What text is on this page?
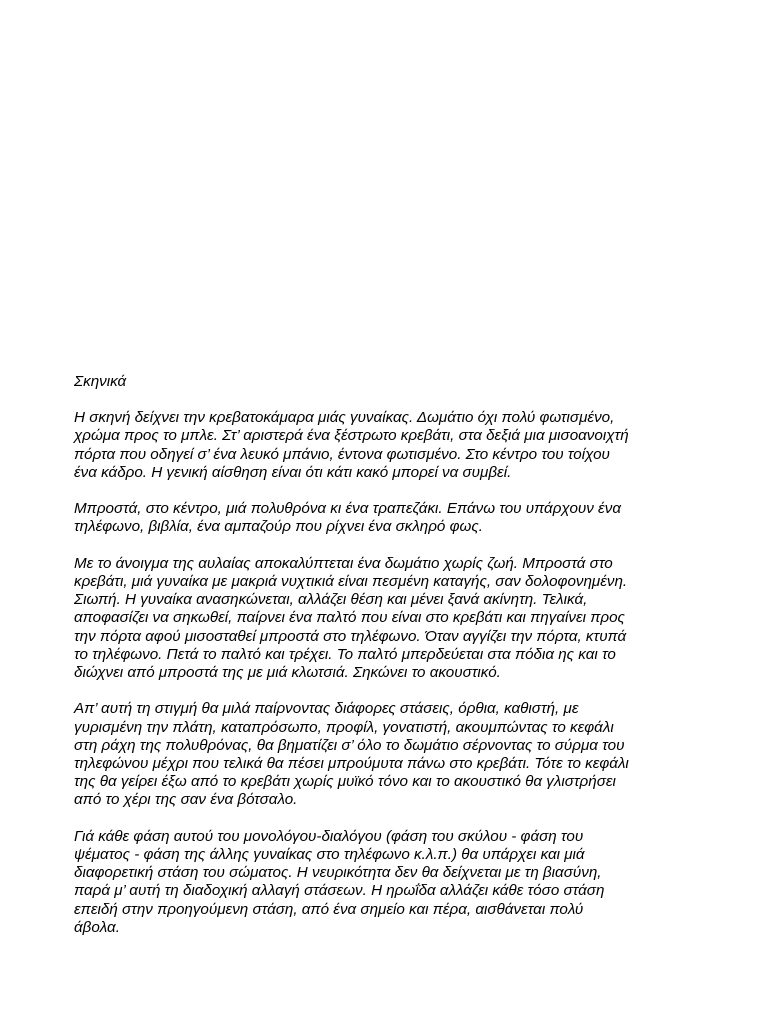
Σκηνικά
Η σκηνή δείχνει την κρεβατοκάμαρα μιάς γυναίκας. Δωμάτιο όχι πολύ φωτισμένο,
χρώμα προς το μπλε. Στ’ αριστερά ένα ξέστρωτο κρεβάτι, στα δεξιά μια μισοανοιχτή
πόρτα που οδηγεί σ’ ένα λευκό μπάνιο, έντονα φωτισμένο. Στο κέντρο του τοίχου
ένα κάδρο. Η γενική αίσθηση είναι ότι κάτι κακό μπορεί να συμβεί.
Μπροστά, στο κέντρο, μιά πολυθρόνα κι ένα τραπεζάκι. Επάνω του υπάρχουν ένα
τηλέφωνο, βιβλία, ένα αμπαζούρ που ρίχνει ένα σκληρό φως.
Με το άνοιγμα της αυλαίας αποκαλύπτεται ένα δωμάτιο χωρίς ζωή. Μπροστά στο
κρεβάτι, μιά γυναίκα με μακριά νυχτικιά είναι πεσμένη καταγής, σαν δολοφονημένη.
Σιωπή. Η γυναίκα ανασηκώνεται, αλλάζει θέση και μένει ξανά ακίνητη. Τελικά,
αποφασίζει να σηκωθεί, παίρνει ένα παλτό που είναι στο κρεβάτι και πηγαίνει προς
την πόρτα αφού μισοσταθεί μπροστά στο τηλέφωνο. Όταν αγγίζει την πόρτα, κτυπά
το τηλέφωνο. Πετά το παλτό και τρέχει. Το παλτό μπερδεύεται στα πόδια ης και το
διώχνει από μπροστά της με μιά κλωτσιά. Σηκώνει το ακουστικό.
Απ’ αυτή τη στιγμή θα μιλά παίρνοντας διάφορες στάσεις, όρθια, καθιστή, με
γυρισμένη την πλάτη, καταπρόσωπο, προφίλ, γονατιστή, ακουμπώντας το κεφάλι
στη ράχη της πολυθρόνας, θα βηματίζει σ’ όλο το δωμάτιο σέρνοντας το σύρμα του
τηλεφώνου μέχρι που τελικά θα πέσει μπρούμυτα πάνω στο κρεβάτι. Τότε το κεφάλι
της θα γείρει έξω από το κρεβάτι χωρίς μυϊκό τόνο και το ακουστικό θα γλιστρήσει
από το χέρι της σαν ένα βότσαλο.
Γιά κάθε φάση αυτού του μονολόγου-διαλόγου (φάση του σκύλου - φάση του
ψέματος - φάση της άλλης γυναίκας στο τηλέφωνο κ.λ.π.) θα υπάρχει και μιά
διαφορετική στάση του σώματος. Η νευρικότητα δεν θα δείχνεται με τη βιασύνη,
παρά μ’ αυτή τη διαδοχική αλλαγή στάσεων. Η ηρωΐδα αλλάζει κάθε τόσο στάση
επειδή στην προηγούμενη στάση, από ένα σημείο και πέρα, αισθάνεται πολύ
άβολα.
